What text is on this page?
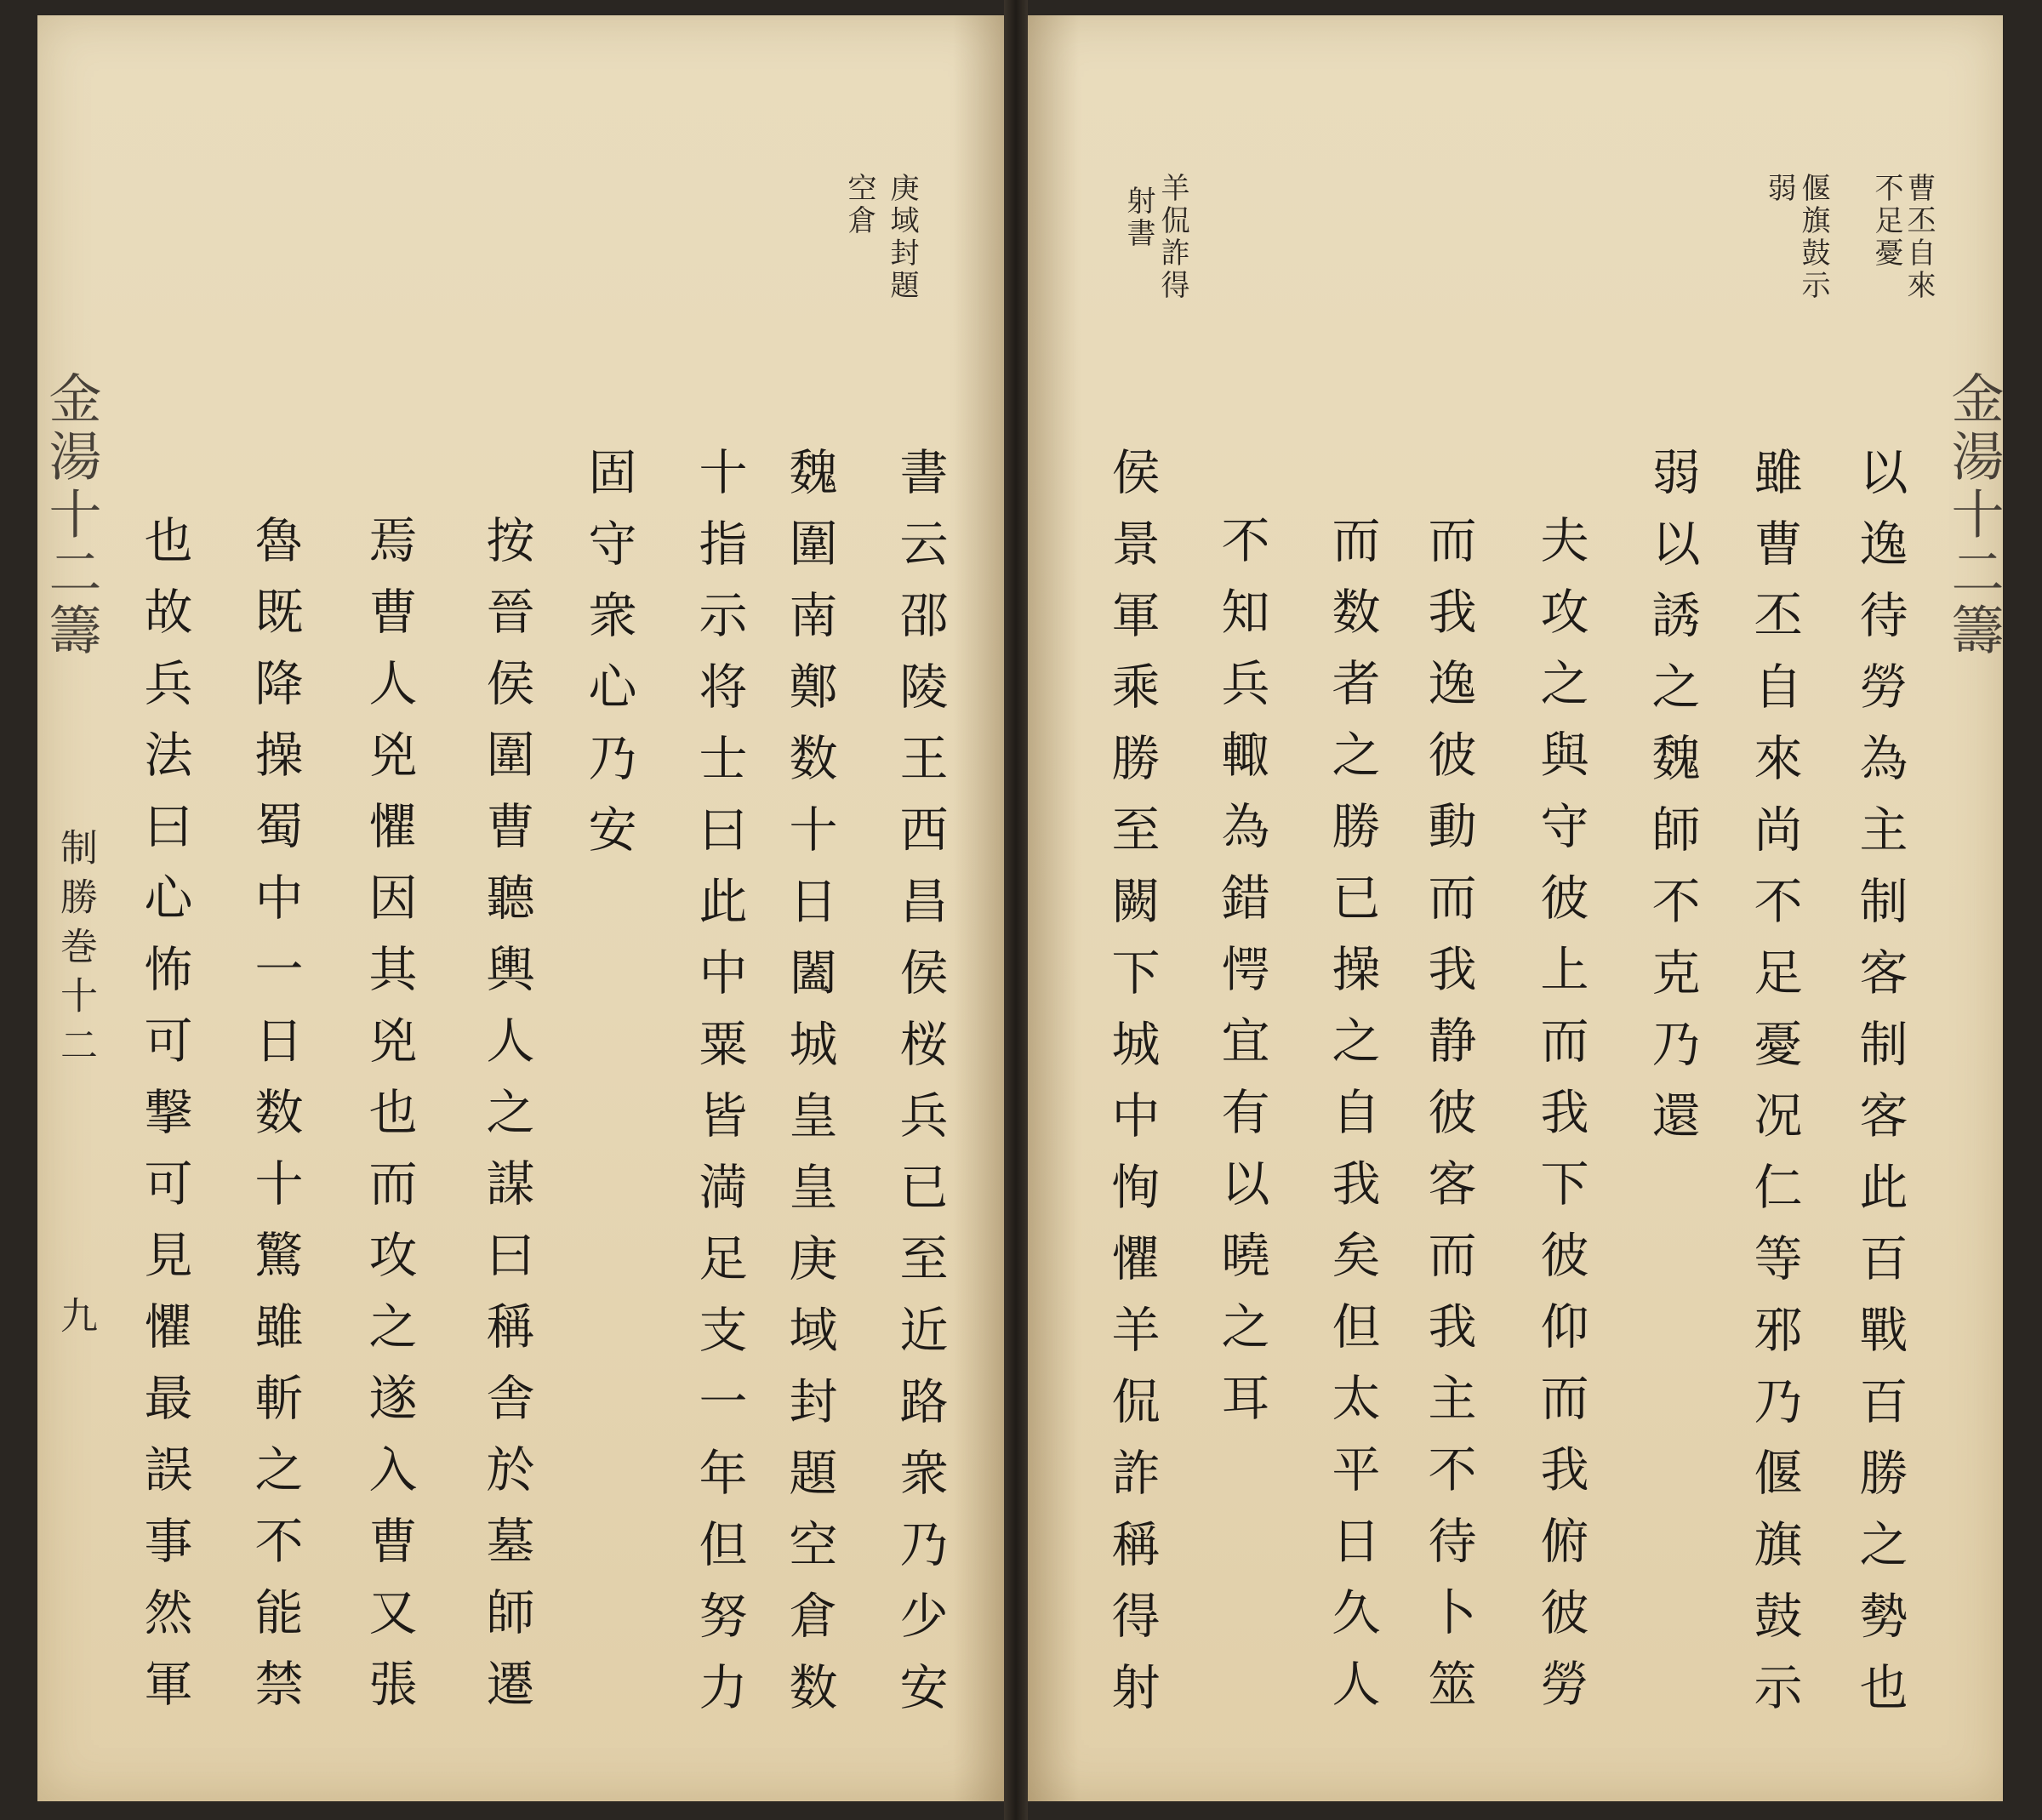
金湯十二籌
制勝巻十二
九
庚域封題
空倉
書云邵陵王西昌侯桜兵已至近路衆乃少安
魏圍南鄭数十日闔城皇皇庚域封題空倉数
十指示将士曰此中粟皆満足支一年但努力
固守衆心乃安
按晉侯圍曹聽輿人之謀曰稱舎於墓師遷
焉曹人兇懼因其兇也而攻之遂入曹又張
魯既降操蜀中一日数十驚雖斬之不能禁
也故兵法曰心怖可撃可見懼最誤事然軍	金湯十二籌
曹丕自來
不足憂
偃旗鼓示
弱
羊侃詐得
射書
以逸待勞為主制客制客此百戰百勝之勢也
雖曹丕自來尚不足憂况仁等邪乃偃旗鼓示
弱以誘之魏師不克乃還
夫攻之與守彼上而我下彼仰而我俯彼勞
而我逸彼動而我静彼客而我主不待卜筮
而数者之勝已操之自我矣但太平日久人
不知兵輙為錯愕宜有以曉之耳
侯景軍乘勝至闕下城中恂懼羊侃詐稱得射
